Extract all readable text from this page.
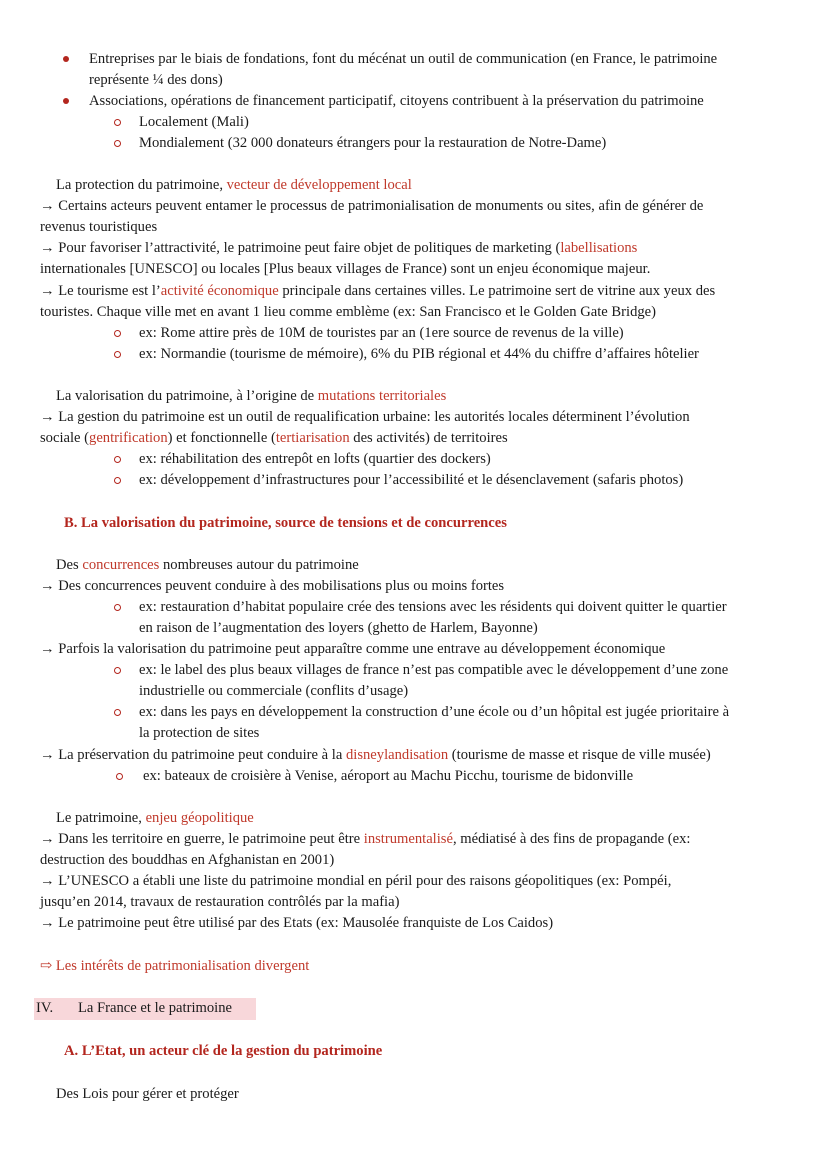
Entreprises par le biais de fondations, font du mécénat un outil de communication (en France, le patrimoine
représente ¼ des dons)
Associations, opérations de financement participatif, citoyens contribuent à la préservation du patrimoine
Localement (Mali)
Mondialement (32 000 donateurs étrangers pour la restauration de Notre-Dame)
La protection du patrimoine, vecteur de développement local
→ Certains acteurs peuvent entamer le processus de patrimonialisation de monuments ou sites, afin de générer de
revenus touristiques
→ Pour favoriser l’attractivité, le patrimoine peut faire objet de politiques de marketing (labellisations
internationales [UNESCO] ou locales [Plus beaux villages de France) sont un enjeu économique majeur.
→ Le tourisme est l’activité économique principale dans certaines villes. Le patrimoine sert de vitrine aux yeux des
touristes. Chaque ville met en avant 1 lieu comme emblème (ex: San Francisco et le Golden Gate Bridge)
ex: Rome attire près de 10M de touristes par an (1ere source de revenus de la ville)
ex: Normandie (tourisme de mémoire), 6% du PIB régional et 44% du chiffre d’affaires hôtelier
La valorisation du patrimoine, à l’origine de mutations territoriales
→ La gestion du patrimoine est un outil de requalification urbaine: les autorités locales déterminent l’évolution
sociale (gentrification) et fonctionnelle (tertiarisation des activités) de territoires
ex: réhabilitation des entrepôt en lofts (quartier des dockers)
ex: développement d’infrastructures pour l’accessibilité et le désenclavement (safaris photos)
B. La valorisation du patrimoine, source de tensions et de concurrences
Des concurrences nombreuses autour du patrimoine
→ Des concurrences peuvent conduire à des mobilisations plus ou moins fortes
ex: restauration d’habitat populaire crée des tensions avec les résidents qui doivent quitter le quartier
en raison de l’augmentation des loyers (ghetto de Harlem, Bayonne)
→ Parfois la valorisation du patrimoine peut apparaître comme une entrave au développement économique
ex: le label des plus beaux villages de france n’est pas compatible avec le développement d’une zone
industrielle ou commerciale (conflits d’usage)
ex: dans les pays en développement la construction d’une école ou d’un hôpital est jugée prioritaire à
la protection de sites
→ La préservation du patrimoine peut conduire à la disneylandisation (tourisme de masse et risque de ville musée)
ex: bateaux de croisière à Venise, aéroport au Machu Picchu, tourisme de bidonville
Le patrimoine, enjeu géopolitique
→ Dans les territoire en guerre, le patrimoine peut être instrumentalisé, médiatisé à des fins de propagande (ex:
destruction des bouddhas en Afghanistan en 2001)
→ L’UNESCO a établi une liste du patrimoine mondial en péril pour des raisons géopolitiques (ex: Pompéi,
jusqu’en 2014, travaux de restauration contrôlés par la mafia)
→ Le patrimoine peut être utilisé par des Etats (ex: Mausolée franquiste de Los Caidos)
⇨ Les intérêts de patrimonialisation divergent
IV. La France et le patrimoine
A. L’Etat, un acteur clé de la gestion du patrimoine
Des Lois pour gérer et protéger
